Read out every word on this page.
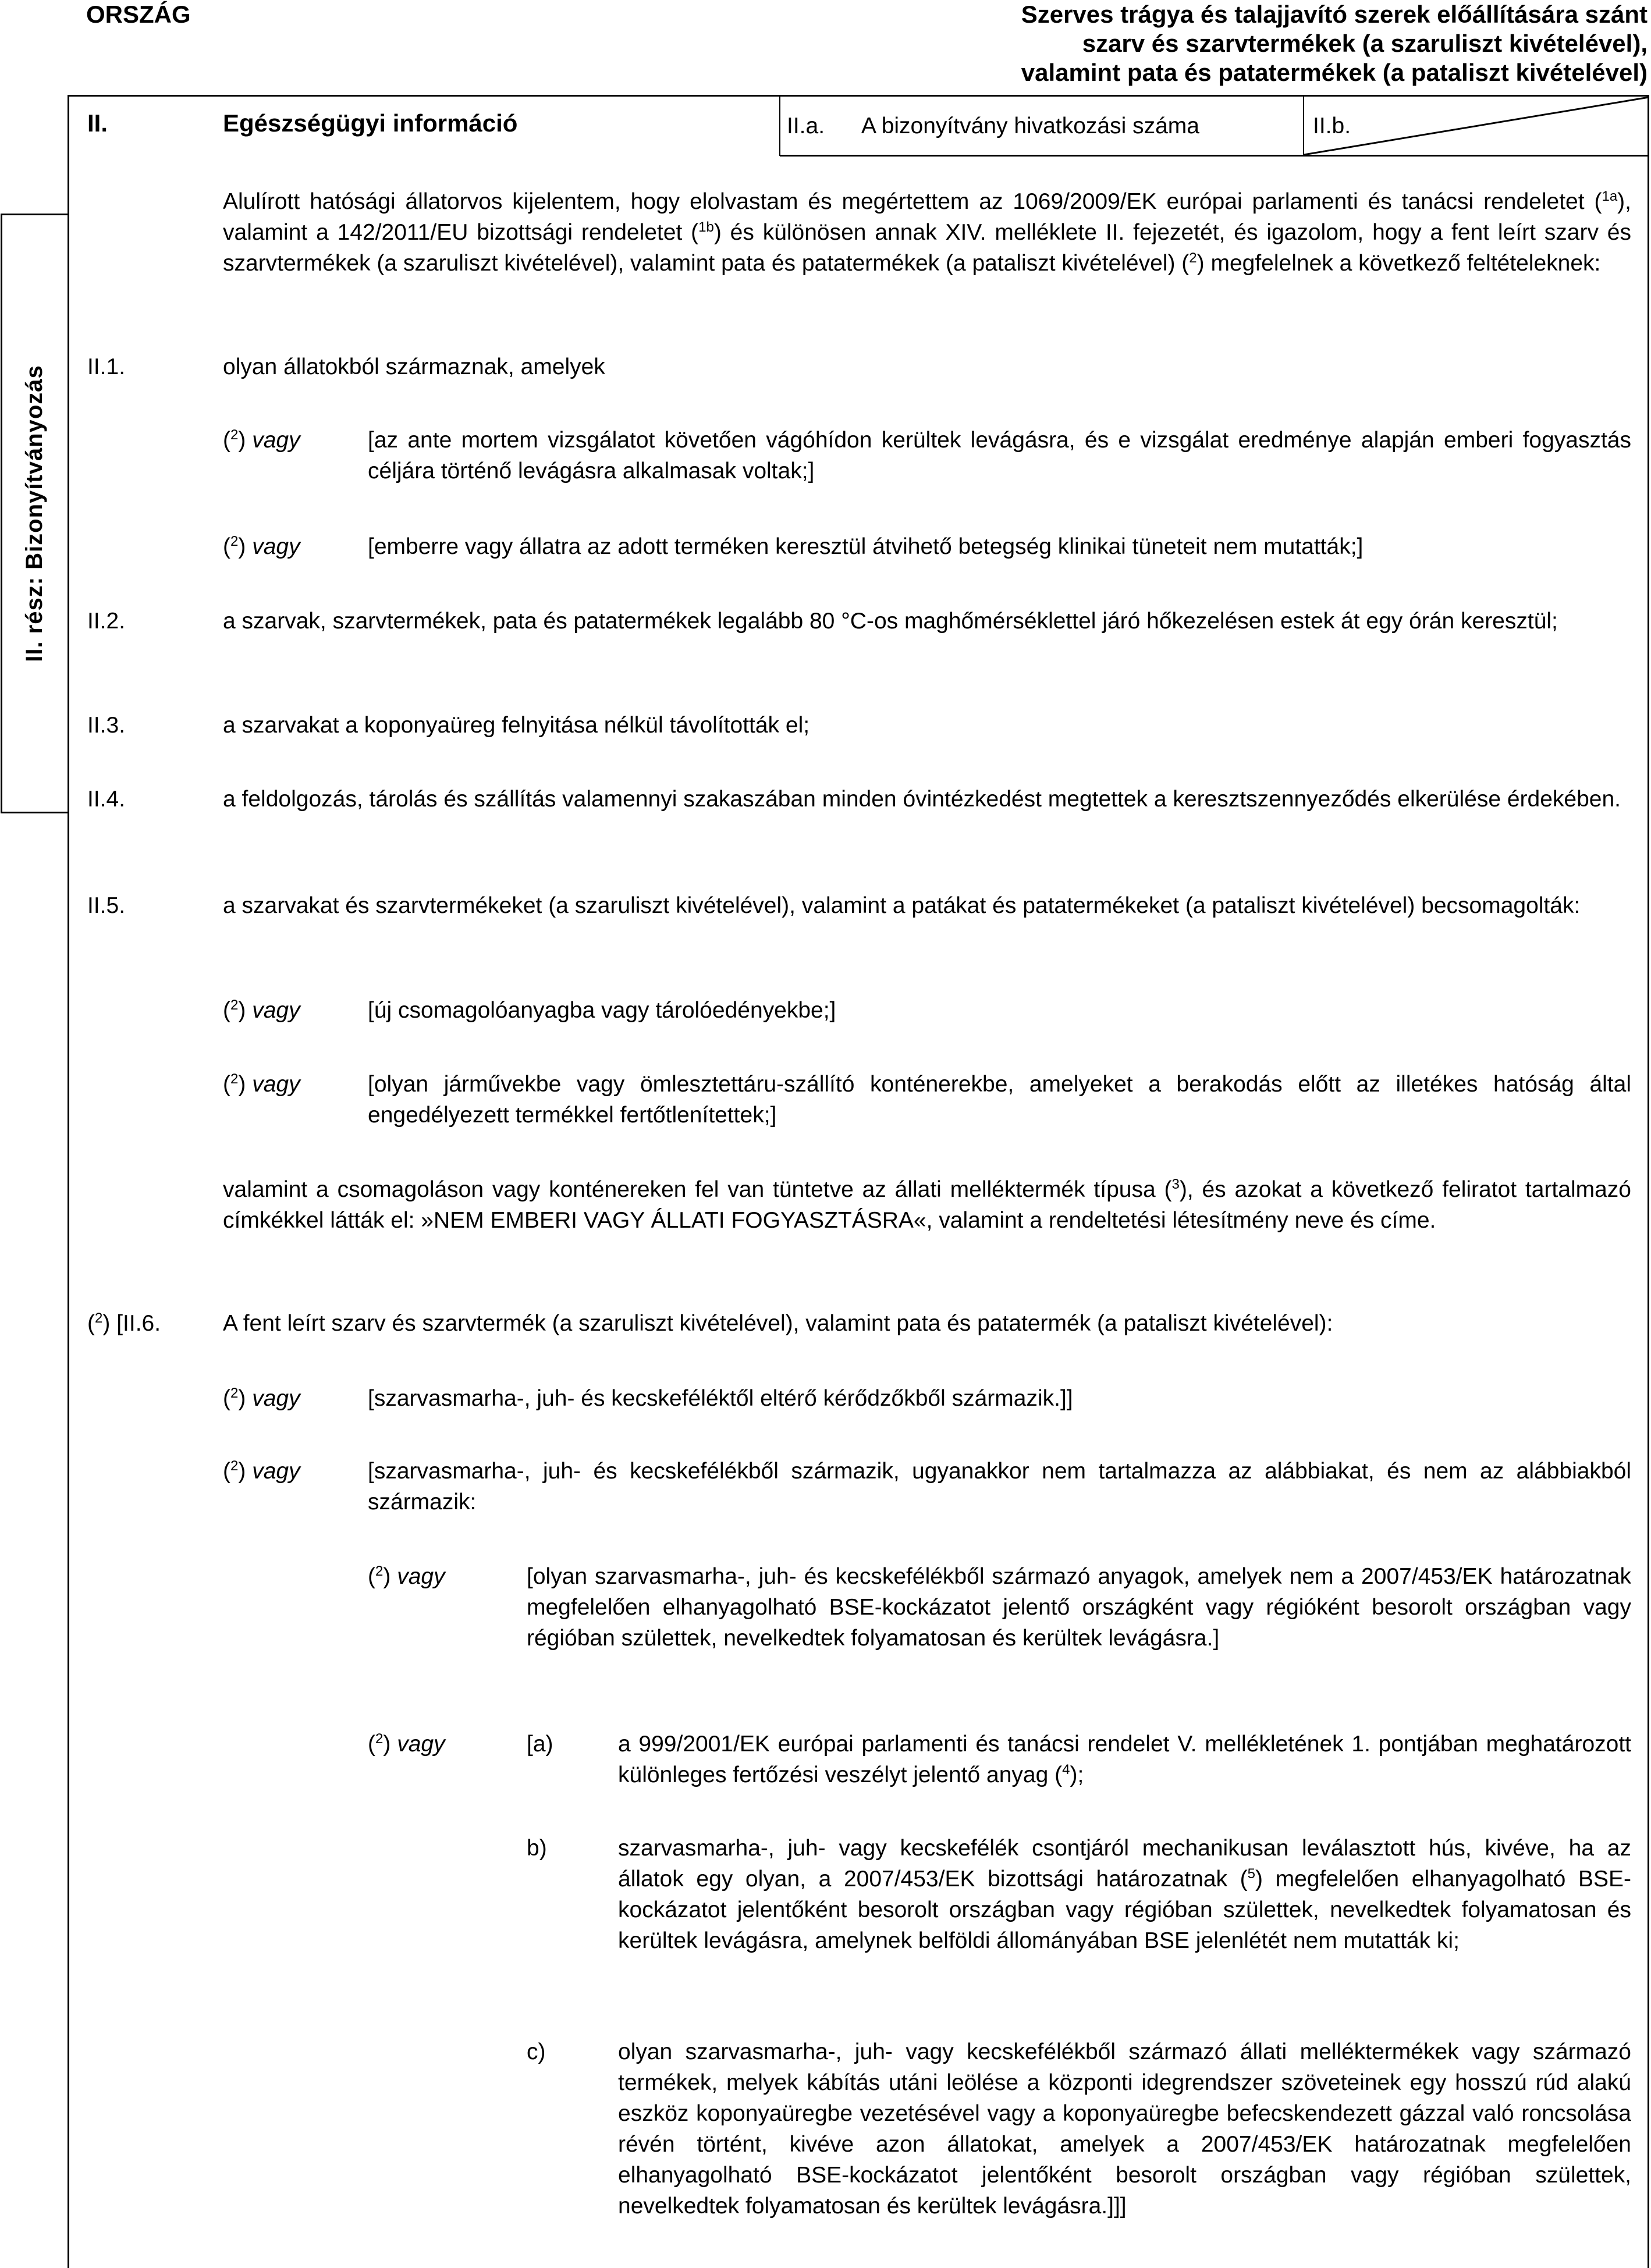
ORSZÁG	Szerves trágya és talajjavító szerek előállítására szánt
szarv és szarvtermékek (a szaruliszt kivételével),
valamint pata és patatermékek (a pataliszt kivételével)
II.	Egészségügyi információ	II.a. A bizonyítvány hivatkozási száma	II.b.
II. rész: Bizonyítványozás
Alulírott hatósági állatorvos kijelentem, hogy elolvastam és megértettem az 1069/2009/EK európai parlamenti és tanácsi rendeletet ($^{1a}$), valamint a 142/2011/EU bizottsági rendeletet ($^{1b}$) és különösen annak XIV. melléklete II. fejezetét, és igazolom, hogy a fent leírt szarv és szarvtermékek (a szaruliszt kivételével), valamint pata és patatermékek (a pataliszt kivételével) ($^2$) megfelelnek a következő feltételeknek:
II.1.	olyan állatokból származnak, amelyek
($^2$) vagy	[az ante mortem vizsgálatot követően vágóhídon kerültek levágásra, és e vizsgálat eredménye alapján emberi fogyasztás céljára történő levágásra alkalmasak voltak;]
($^2$) vagy	[emberre vagy állatra az adott terméken keresztül átvihető betegség klinikai tüneteit nem mutatták;]
II.2.	a szarvak, szarvtermékek, pata és patatermékek legalább 80 °C-os maghőmérséklettel járó hőkezelésen estek át egy órán keresztül;
II.3.	a szarvakat a koponyaüreg felnyitása nélkül távolították el;
II.4.	a feldolgozás, tárolás és szállítás valamennyi szakaszában minden óvintézkedést megtettek a keresztszennyeződés elkerülése érdekében.
II.5.	a szarvakat és szarvtermékeket (a szaruliszt kivételével), valamint a patákat és patatermékeket (a pataliszt kivételével) becsomagolták:
($^2$) vagy	[új csomagolóanyagba vagy tárolóedényekbe;]
($^2$) vagy	[olyan járművekbe vagy ömlesztettáru-szállító konténerekbe, amelyeket a berakodás előtt az illetékes hatóság által engedélyezett termékkel fertőtlenítettek;]
valamint a csomagoláson vagy konténereken fel van tüntetve az állati melléktermék típusa ($^3$), és azokat a következő feliratot tartalmazó címkékkel látták el: »NEM EMBERI VAGY ÁLLATI FOGYASZTÁSRA«, valamint a rendeltetési létesítmény neve és címe.
($^2$) [II.6.	A fent leírt szarv és szarvtermék (a szaruliszt kivételével), valamint pata és patatermék (a pataliszt kivételével):
($^2$) vagy	[szarvasmarha-, juh- és kecskeféléktől eltérő kérődzőkből származik.]]
($^2$) vagy	[szarvasmarha-, juh- és kecskefélékből származik, ugyanakkor nem tartalmazza az alábbiakat, és nem az alábbiakból származik:
($^2$) vagy	[olyan szarvasmarha-, juh- és kecskefélékből származó anyagok, amelyek nem a 2007/453/EK határozatnak megfelelően elhanyagolható BSE-kockázatot jelentő országként vagy régióként besorolt országban vagy régióban születtek, nevelkedtek folyamatosan és kerültek levágásra.]
($^2$) vagy	[a)	a 999/2001/EK európai parlamenti és tanácsi rendelet V. mellékletének 1. pontjában meghatározott különleges fertőzési veszélyt jelentő anyag ($^4$);
b)	szarvasmarha-, juh- vagy kecskefélék csontjáról mechanikusan leválasztott hús, kivéve, ha az állatok egy olyan, a 2007/453/EK bizottsági határozatnak ($^5$) megfelelően elhanyagolható BSE-kockázatot jelentőként besorolt országban vagy régióban születtek, nevelkedtek folyamatosan és kerültek levágásra, amelynek belföldi állományában BSE jelenlétét nem mutatták ki;
c)	olyan szarvasmarha-, juh- vagy kecskefélékből származó állati melléktermékek vagy származó termékek, melyek kábítás utáni leölése a központi idegrendszer szöveteinek egy hosszú rúd alakú eszköz koponyaüregbe vezetésével vagy a koponyaüregbe befecskendezett gázzal való roncsolása révén történt, kivéve azon állatokat, amelyek a 2007/453/EK határozatnak megfelelően elhanyagolható BSE-kockázatot jelentőként besorolt országban vagy régióban születtek, nevelkedtek folyamatosan és kerültek levágásra.]]]
